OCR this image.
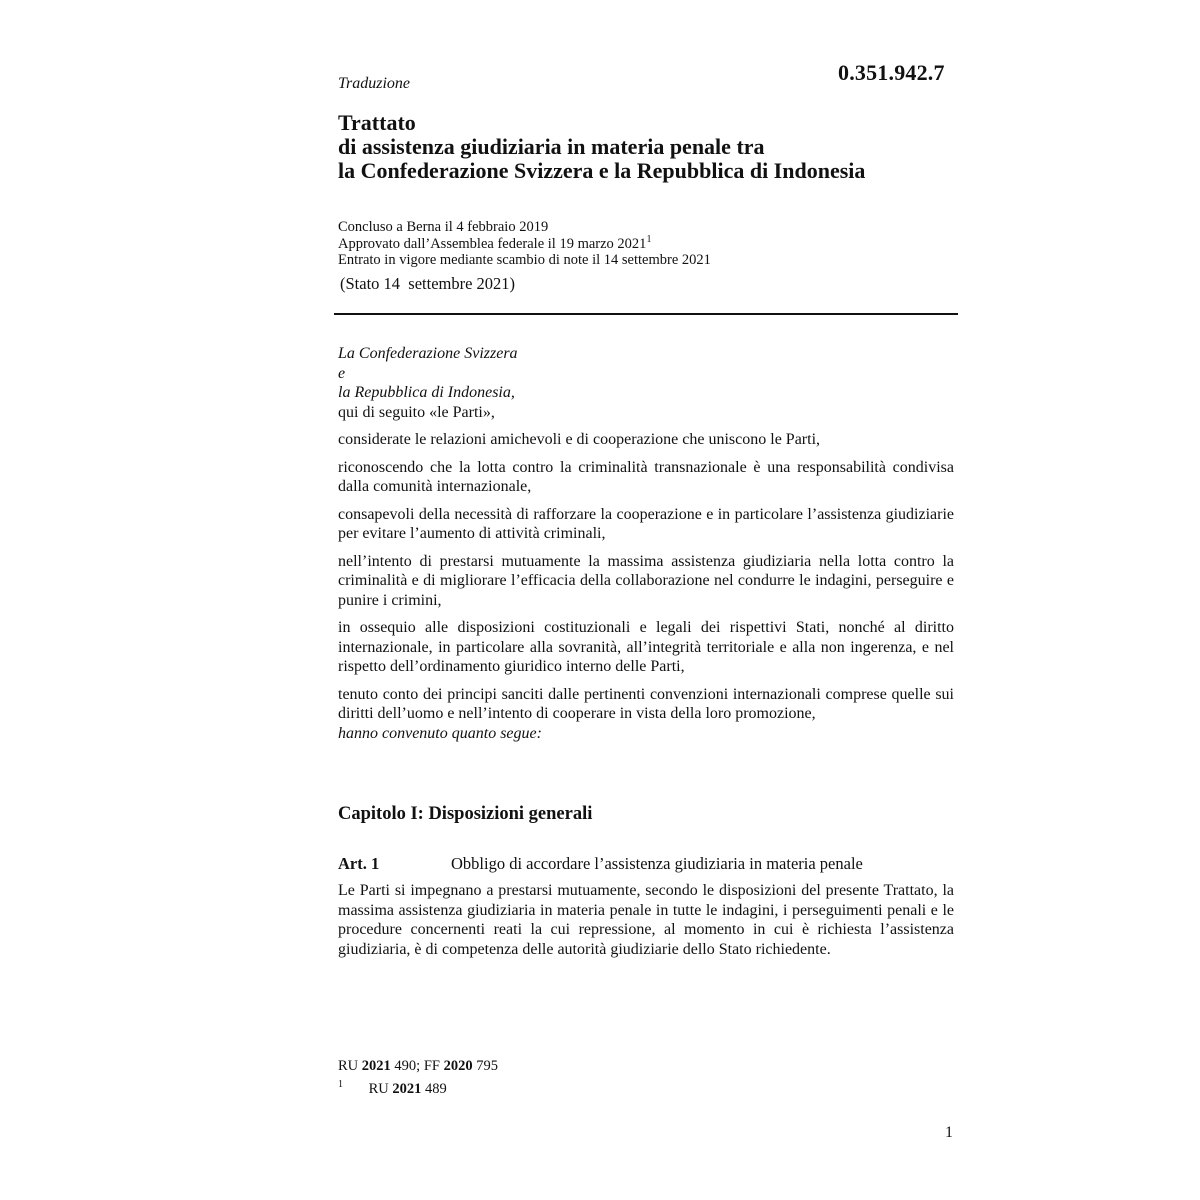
0.351.942.7
Traduzione
Trattato
di assistenza giudiziaria in materia penale tra
la Confederazione Svizzera e la Repubblica di Indonesia
Concluso a Berna il 4 febbraio 2019
Approvato dall’Assemblea federale il 19 marzo 2021$^1$
Entrato in vigore mediante scambio di note il 14 settembre 2021
(Stato 14  settembre 2021)
La Confederazione Svizzera
e
la Repubblica di Indonesia,
qui di seguito «le Parti»,
considerate le relazioni amichevoli e di cooperazione che uniscono le Parti,
riconoscendo che la lotta contro la criminalità transnazionale è una responsabilità condivisa dalla comunità internazionale,
consapevoli della necessità di rafforzare la cooperazione e in particolare l’assistenza giudiziarie per evitare l’aumento di attività criminali,
nell’intento di prestarsi mutuamente la massima assistenza giudiziaria nella lotta contro la criminalità e di migliorare l’efficacia della collaborazione nel condurre le indagini, perseguire e punire i crimini,
in ossequio alle disposizioni costituzionali e legali dei rispettivi Stati, nonché al diritto internazionale, in particolare alla sovranità, all’integrità territoriale e alla non ingerenza, e nel rispetto dell’ordinamento giuridico interno delle Parti,
tenuto conto dei principi sanciti dalle pertinenti convenzioni internazionali comprese quelle sui diritti dell’uomo e nell’intento di cooperare in vista della loro promozione,
hanno convenuto quanto segue:
Capitolo I: Disposizioni generali
Art. 1	Obbligo di accordare l’assistenza giudiziaria in materia penale
Le Parti si impegnano a prestarsi mutuamente, secondo le disposizioni del presente Trattato, la massima assistenza giudiziaria in materia penale in tutte le indagini, i perseguimenti penali e le procedure concernenti reati la cui repressione, al momento in cui è richiesta l’assistenza giudiziaria, è di competenza delle autorità giudiziarie dello Stato richiedente.
RU 2021 490; FF 2020 795
$^1$ RU 2021 489
1
